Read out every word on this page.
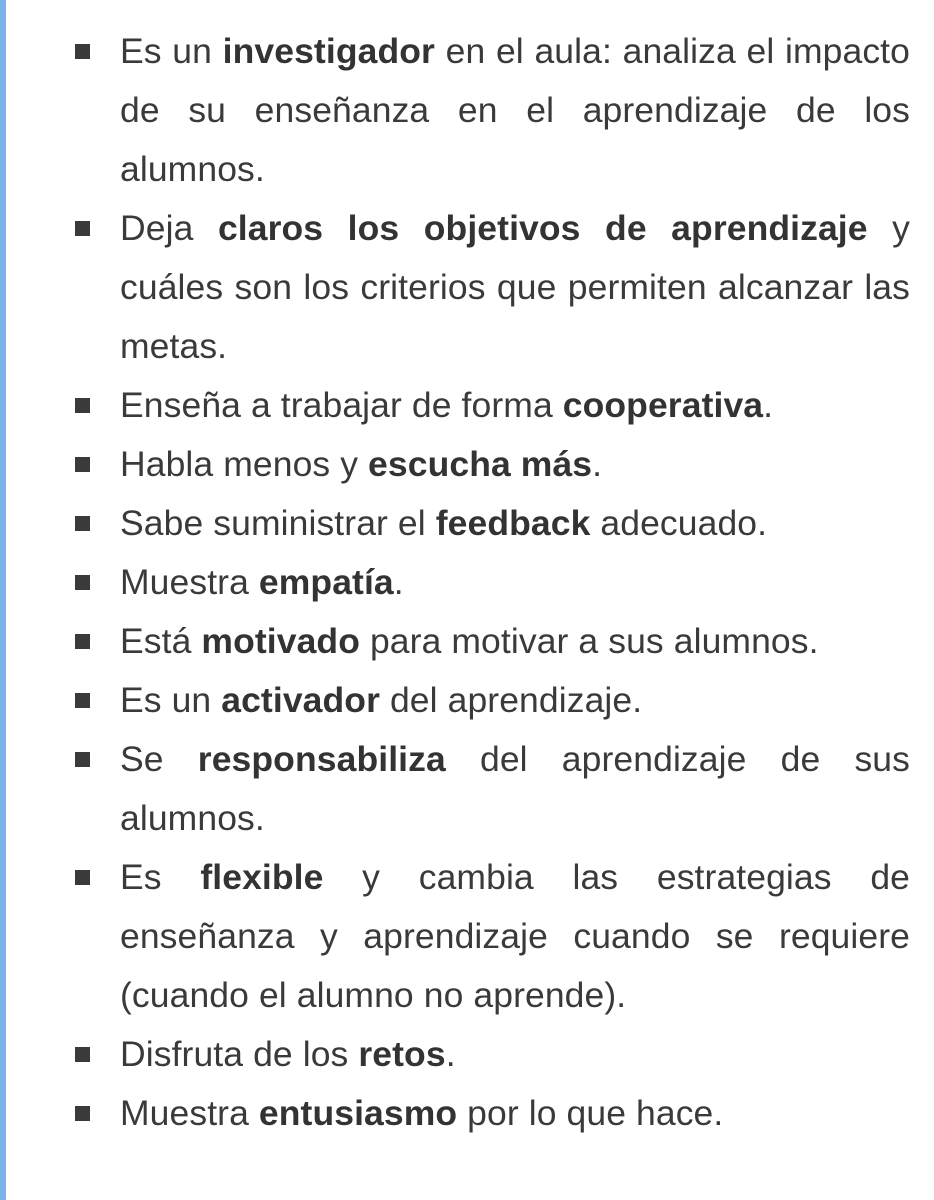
Es un investigador en el aula: analiza el impacto de su enseñanza en el aprendizaje de los alumnos.
Deja claros los objetivos de aprendizaje y cuáles son los criterios que permiten alcanzar las metas.
Enseña a trabajar de forma cooperativa.
Habla menos y escucha más.
Sabe suministrar el feedback adecuado.
Muestra empatía.
Está motivado para motivar a sus alumnos.
Es un activador del aprendizaje.
Se responsabiliza del aprendizaje de sus alumnos.
Es flexible y cambia las estrategias de enseñanza y aprendizaje cuando se requiere (cuando el alumno no aprende).
Disfruta de los retos.
Muestra entusiasmo por lo que hace.
